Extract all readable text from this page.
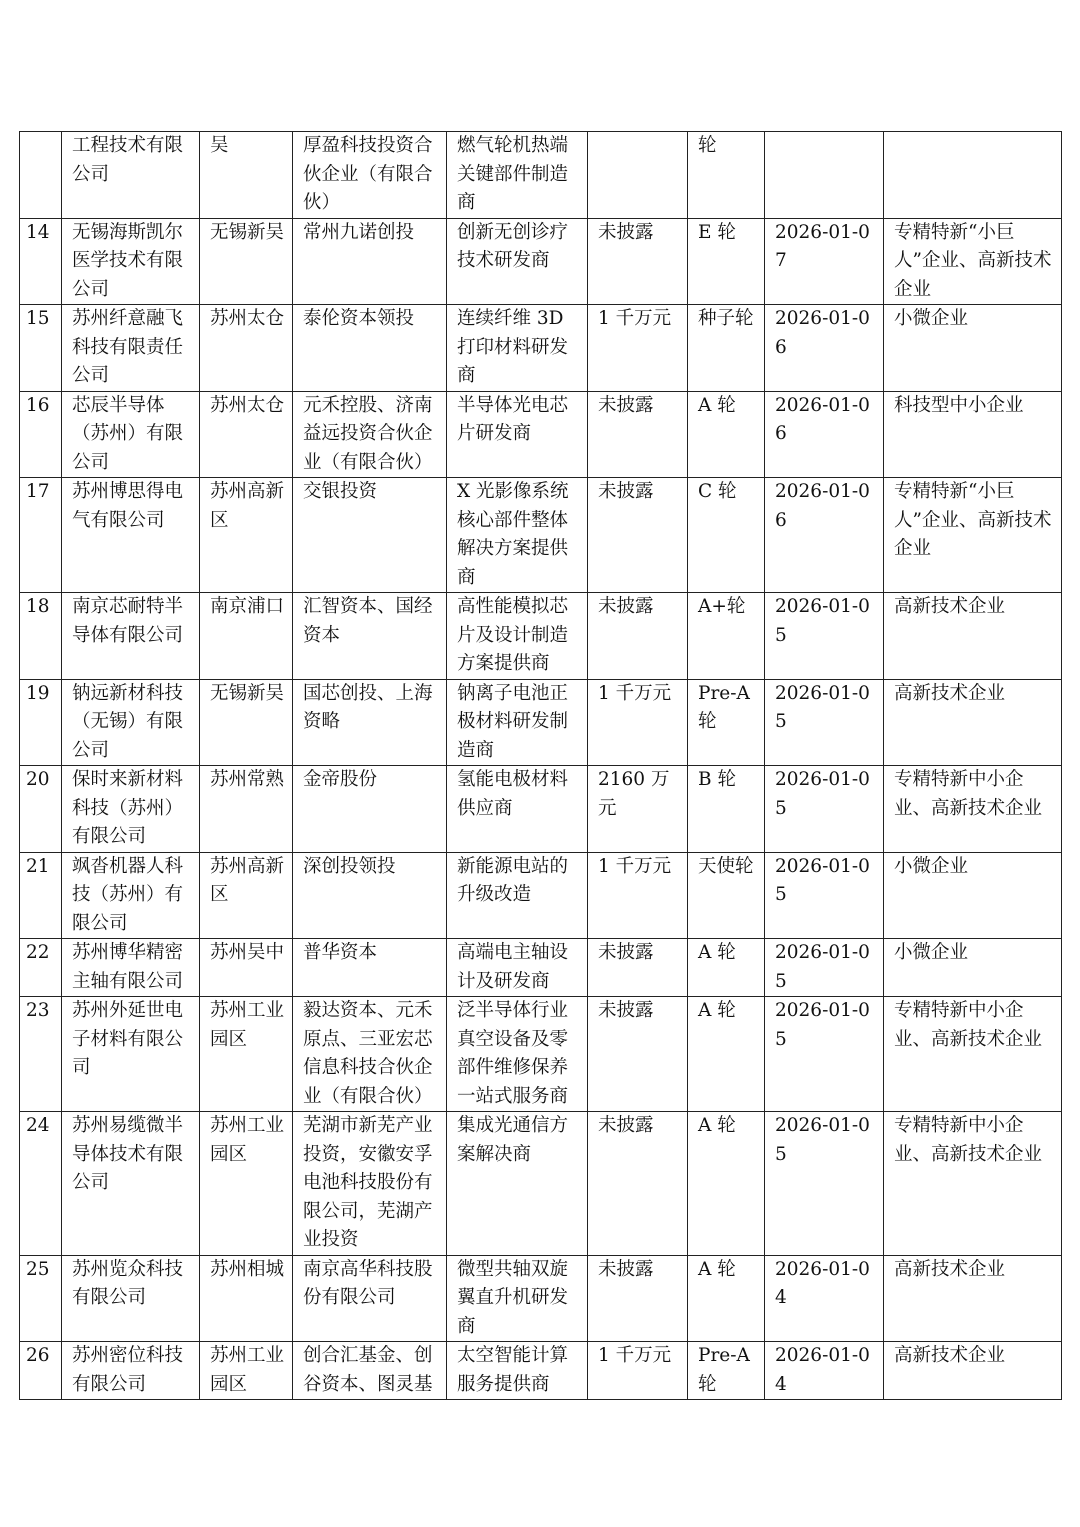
	工程技术有限公司	吴	厚盈科技投资合伙企业（有限合伙）	燃气轮机热端关键部件制造商		轮		
14	无锡海斯凯尔医学技术有限公司	无锡新吴	常州九诺创投	创新无创诊疗技术研发商	未披露	E 轮	2026-01-07	专精特新“小巨人”企业、高新技术企业
15	苏州纤意融飞科技有限责任公司	苏州太仓	泰伦资本领投	连续纤维 3D 打印材料研发商	1 千万元	种子轮	2026-01-06	小微企业
16	芯辰半导体（苏州）有限公司	苏州太仓	元禾控股、济南益远投资合伙企业（有限合伙）	半导体光电芯片研发商	未披露	A 轮	2026-01-06	科技型中小企业
17	苏州博思得电气有限公司	苏州高新区	交银投资	X 光影像系统核心部件整体解决方案提供商	未披露	C 轮	2026-01-06	专精特新“小巨人”企业、高新技术企业
18	南京芯耐特半导体有限公司	南京浦口	汇智资本、国经资本	高性能模拟芯片及设计制造方案提供商	未披露	A+轮	2026-01-05	高新技术企业
19	钠远新材科技（无锡）有限公司	无锡新吴	国芯创投、上海资略	钠离子电池正极材料研发制造商	1 千万元	Pre-A 轮	2026-01-05	高新技术企业
20	保时来新材料科技（苏州）有限公司	苏州常熟	金帝股份	氢能电极材料供应商	2160 万元	B 轮	2026-01-05	专精特新中小企业、高新技术企业
21	飒沓机器人科技（苏州）有限公司	苏州高新区	深创投领投	新能源电站的升级改造	1 千万元	天使轮	2026-01-05	小微企业
22	苏州博华精密主轴有限公司	苏州吴中	普华资本	高端电主轴设计及研发商	未披露	A 轮	2026-01-05	小微企业
23	苏州外延世电子材料有限公司	苏州工业园区	毅达资本、元禾原点、三亚宏芯信息科技合伙企业（有限合伙）	泛半导体行业真空设备及零部件维修保养一站式服务商	未披露	A 轮	2026-01-05	专精特新中小企业、高新技术企业
24	苏州易缆微半导体技术有限公司	苏州工业园区	芜湖市新芜产业投资，安徽安孚电池科技股份有限公司，芜湖产业投资	集成光通信方案解决商	未披露	A 轮	2026-01-05	专精特新中小企业、高新技术企业
25	苏州览众科技有限公司	苏州相城	南京高华科技股份有限公司	微型共轴双旋翼直升机研发商	未披露	A 轮	2026-01-04	高新技术企业
26	苏州密位科技有限公司	苏州工业园区	创合汇基金、创谷资本、图灵基	太空智能计算服务提供商	1 千万元	Pre-A 轮	2026-01-04	高新技术企业
